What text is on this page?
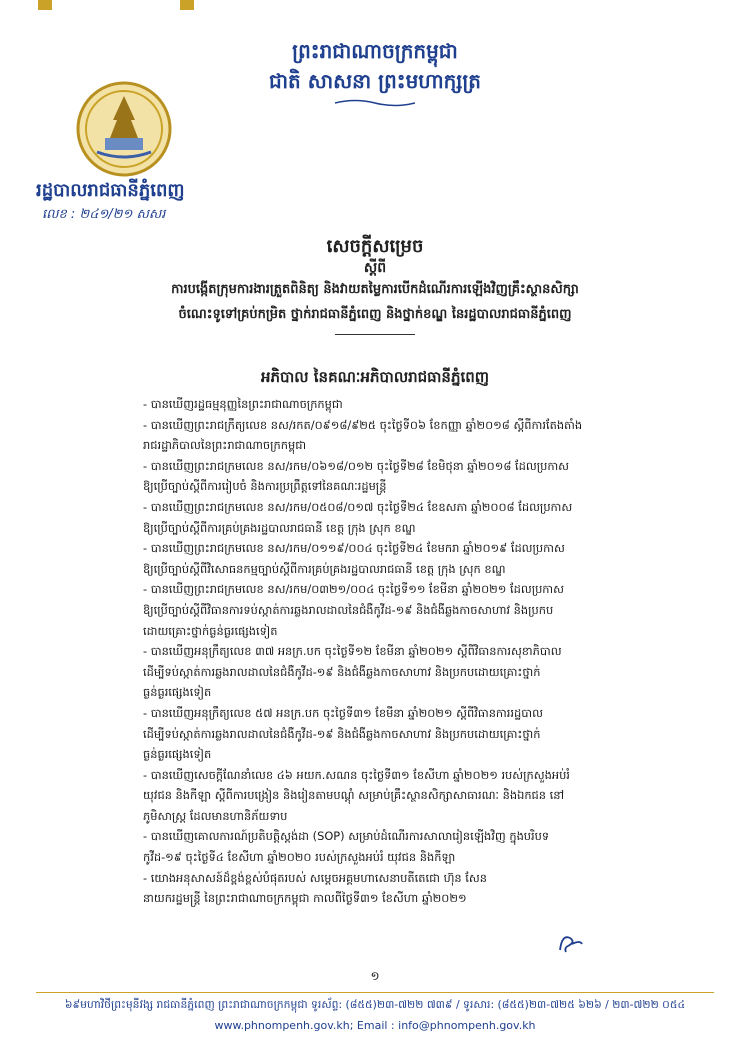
ព្រះរាជាណាចក្រកម្ពុជា
ជាតិ សាសនា ព្រះមហាក្សត្រ
រដ្ឋបាលរាជធានីភ្នំពេញ
លេខ : ២៤១/២១ សសរ
សេចក្ដីសម្រេច
ស្ដីពី
ការបង្កើតក្រុមការងារត្រួតពិនិត្យ និងវាយតម្លៃការបើកដំណើរការឡើងវិញគ្រឹះស្ថានសិក្សា
ចំណេះទូទៅគ្រប់កម្រិត ថ្នាក់រាជធានីភ្នំពេញ និងថ្នាក់ខណ្ឌ នៃរដ្ឋបាលរាជធានីភ្នំពេញ
អភិបាល នៃគណៈអភិបាលរាជធានីភ្នំពេញ
- បានឃើញរដ្ឋធម្មនុញ្ញនៃព្រះរាជាណាចក្រកម្ពុជា
- បានឃើញព្រះរាជក្រឹត្យលេខ នស/រកត/០៩១៨/៩២៥ ចុះថ្ងៃទី០៦ ខែកញ្ញា ឆ្នាំ២០១៨ ស្តីពីការតែងតាំង
រាជរដ្ឋាភិបាលនៃព្រះរាជាណាចក្រកម្ពុជា
- បានឃើញព្រះរាជក្រមលេខ នស/រកម/០៦១៨/០១២ ចុះថ្ងៃទី២៨ ខែមិថុនា ឆ្នាំ២០១៨ ដែលប្រកាស
ឱ្យប្រើច្បាប់ស្ដីពីការរៀបចំ និងការប្រព្រឹត្តទៅនៃគណៈរដ្ឋមន្ត្រី
- បានឃើញព្រះរាជក្រមលេខ នស/រកម/០៥០៨/០១៧ ចុះថ្ងៃទី២៤ ខែឧសភា ឆ្នាំ២០០៨ ដែលប្រកាស
ឱ្យប្រើច្បាប់ស្ដីពីការគ្រប់គ្រងរដ្ឋបាលរាជធានី ខេត្ត ក្រុង ស្រុក ខណ្ឌ
- បានឃើញព្រះរាជក្រមលេខ នស/រកម/០១១៩/០០៤ ចុះថ្ងៃទី២៤ ខែមករា ឆ្នាំ២០១៩ ដែលប្រកាស
ឱ្យប្រើច្បាប់ស្ដីពីវិសោធនកម្មច្បាប់ស្ដីពីការគ្រប់គ្រងរដ្ឋបាលរាជធានី ខេត្ត ក្រុង ស្រុក ខណ្ឌ
- បានឃើញព្រះរាជក្រមលេខ នស/រកម/០៣២១/០០៤ ចុះថ្ងៃទី១១ ខែមីនា ឆ្នាំ២០២១ ដែលប្រកាស
ឱ្យប្រើច្បាប់ស្ដីពីវិធានការទប់ស្កាត់ការឆ្លងរាលដាលនៃជំងឺកូវីដ-១៩ និងជំងឺឆ្លងកាចសាហាវ និងប្រកប
ដោយគ្រោះថ្នាក់ធ្ងន់ធ្ងរផ្សេងទៀត
- បានឃើញអនុក្រឹត្យលេខ ៣៧ អនក្រ.បក ចុះថ្ងៃទី១២ ខែមីនា ឆ្នាំ២០២១ ស្ដីពីវិធានការសុខាភិបាល
ដើម្បីទប់ស្កាត់ការឆ្លងរាលដាលនៃជំងឺកូវីដ-១៩ និងជំងឺឆ្លងកាចសាហាវ និងប្រកបដោយគ្រោះថ្នាក់
ធ្ងន់ធ្ងរផ្សេងទៀត
- បានឃើញអនុក្រឹត្យលេខ ៥៧ អនក្រ.បក ចុះថ្ងៃទី៣១ ខែមីនា ឆ្នាំ២០២១ ស្ដីពីវិធានការរដ្ឋបាល
ដើម្បីទប់ស្កាត់ការឆ្លងរាលដាលនៃជំងឺកូវីដ-១៩ និងជំងឺឆ្លងកាចសាហាវ និងប្រកបដោយគ្រោះថ្នាក់
ធ្ងន់ធ្ងរផ្សេងទៀត
- បានឃើញសេចក្ដីណែនាំលេខ ៤៦ អយក.សណន ចុះថ្ងៃទី៣១ ខែសីហា ឆ្នាំ២០២១ របស់ក្រសួងអប់រំ
យុវជន និងកីឡា ស្ដីពីការបង្រៀន និងរៀនតាមបណ្ដុំ សម្រាប់គ្រឹះស្ថានសិក្សាសាធារណៈ និងឯកជន នៅ
ភូមិសាស្ត្រ ដែលមានហានិភ័យទាប
- បានឃើញគោលការណ៍ប្រតិបត្តិស្តង់ដា (SOP) សម្រាប់ដំណើរការសាលារៀនឡើងវិញ ក្នុងបរិបទ
កូវីដ-១៩ ចុះថ្ងៃទី៤ ខែសីហា ឆ្នាំ២០២០ របស់ក្រសួងអប់រំ យុវជន និងកីឡា
- យោងអនុសាសន៍ដ៏ខ្ពង់ខ្ពស់បំផុតរបស់ សម្ដេចអគ្គមហាសេនាបតីតេជោ ហ៊ុន សែន
នាយករដ្ឋមន្ត្រី នៃព្រះរាជាណាចក្រកម្ពុជា កាលពីថ្ងៃទី៣១ ខែសីហា ឆ្នាំ២០២១
១
៦៩មហាវិថីព្រះមុនីវង្ស រាជធានីភ្នំពេញ ព្រះរាជាណាចក្រកម្ពុជា ទូរស័ព្ទ: (៨៥៥)២៣-៧២២ ៧៣៩ / ទូរសារ: (៨៥៥)២៣-៧២៥ ៦២៦ / ២៣-៧២២ ០៥៤
www.phnompenh.gov.kh; Email : info@phnompenh.gov.kh
